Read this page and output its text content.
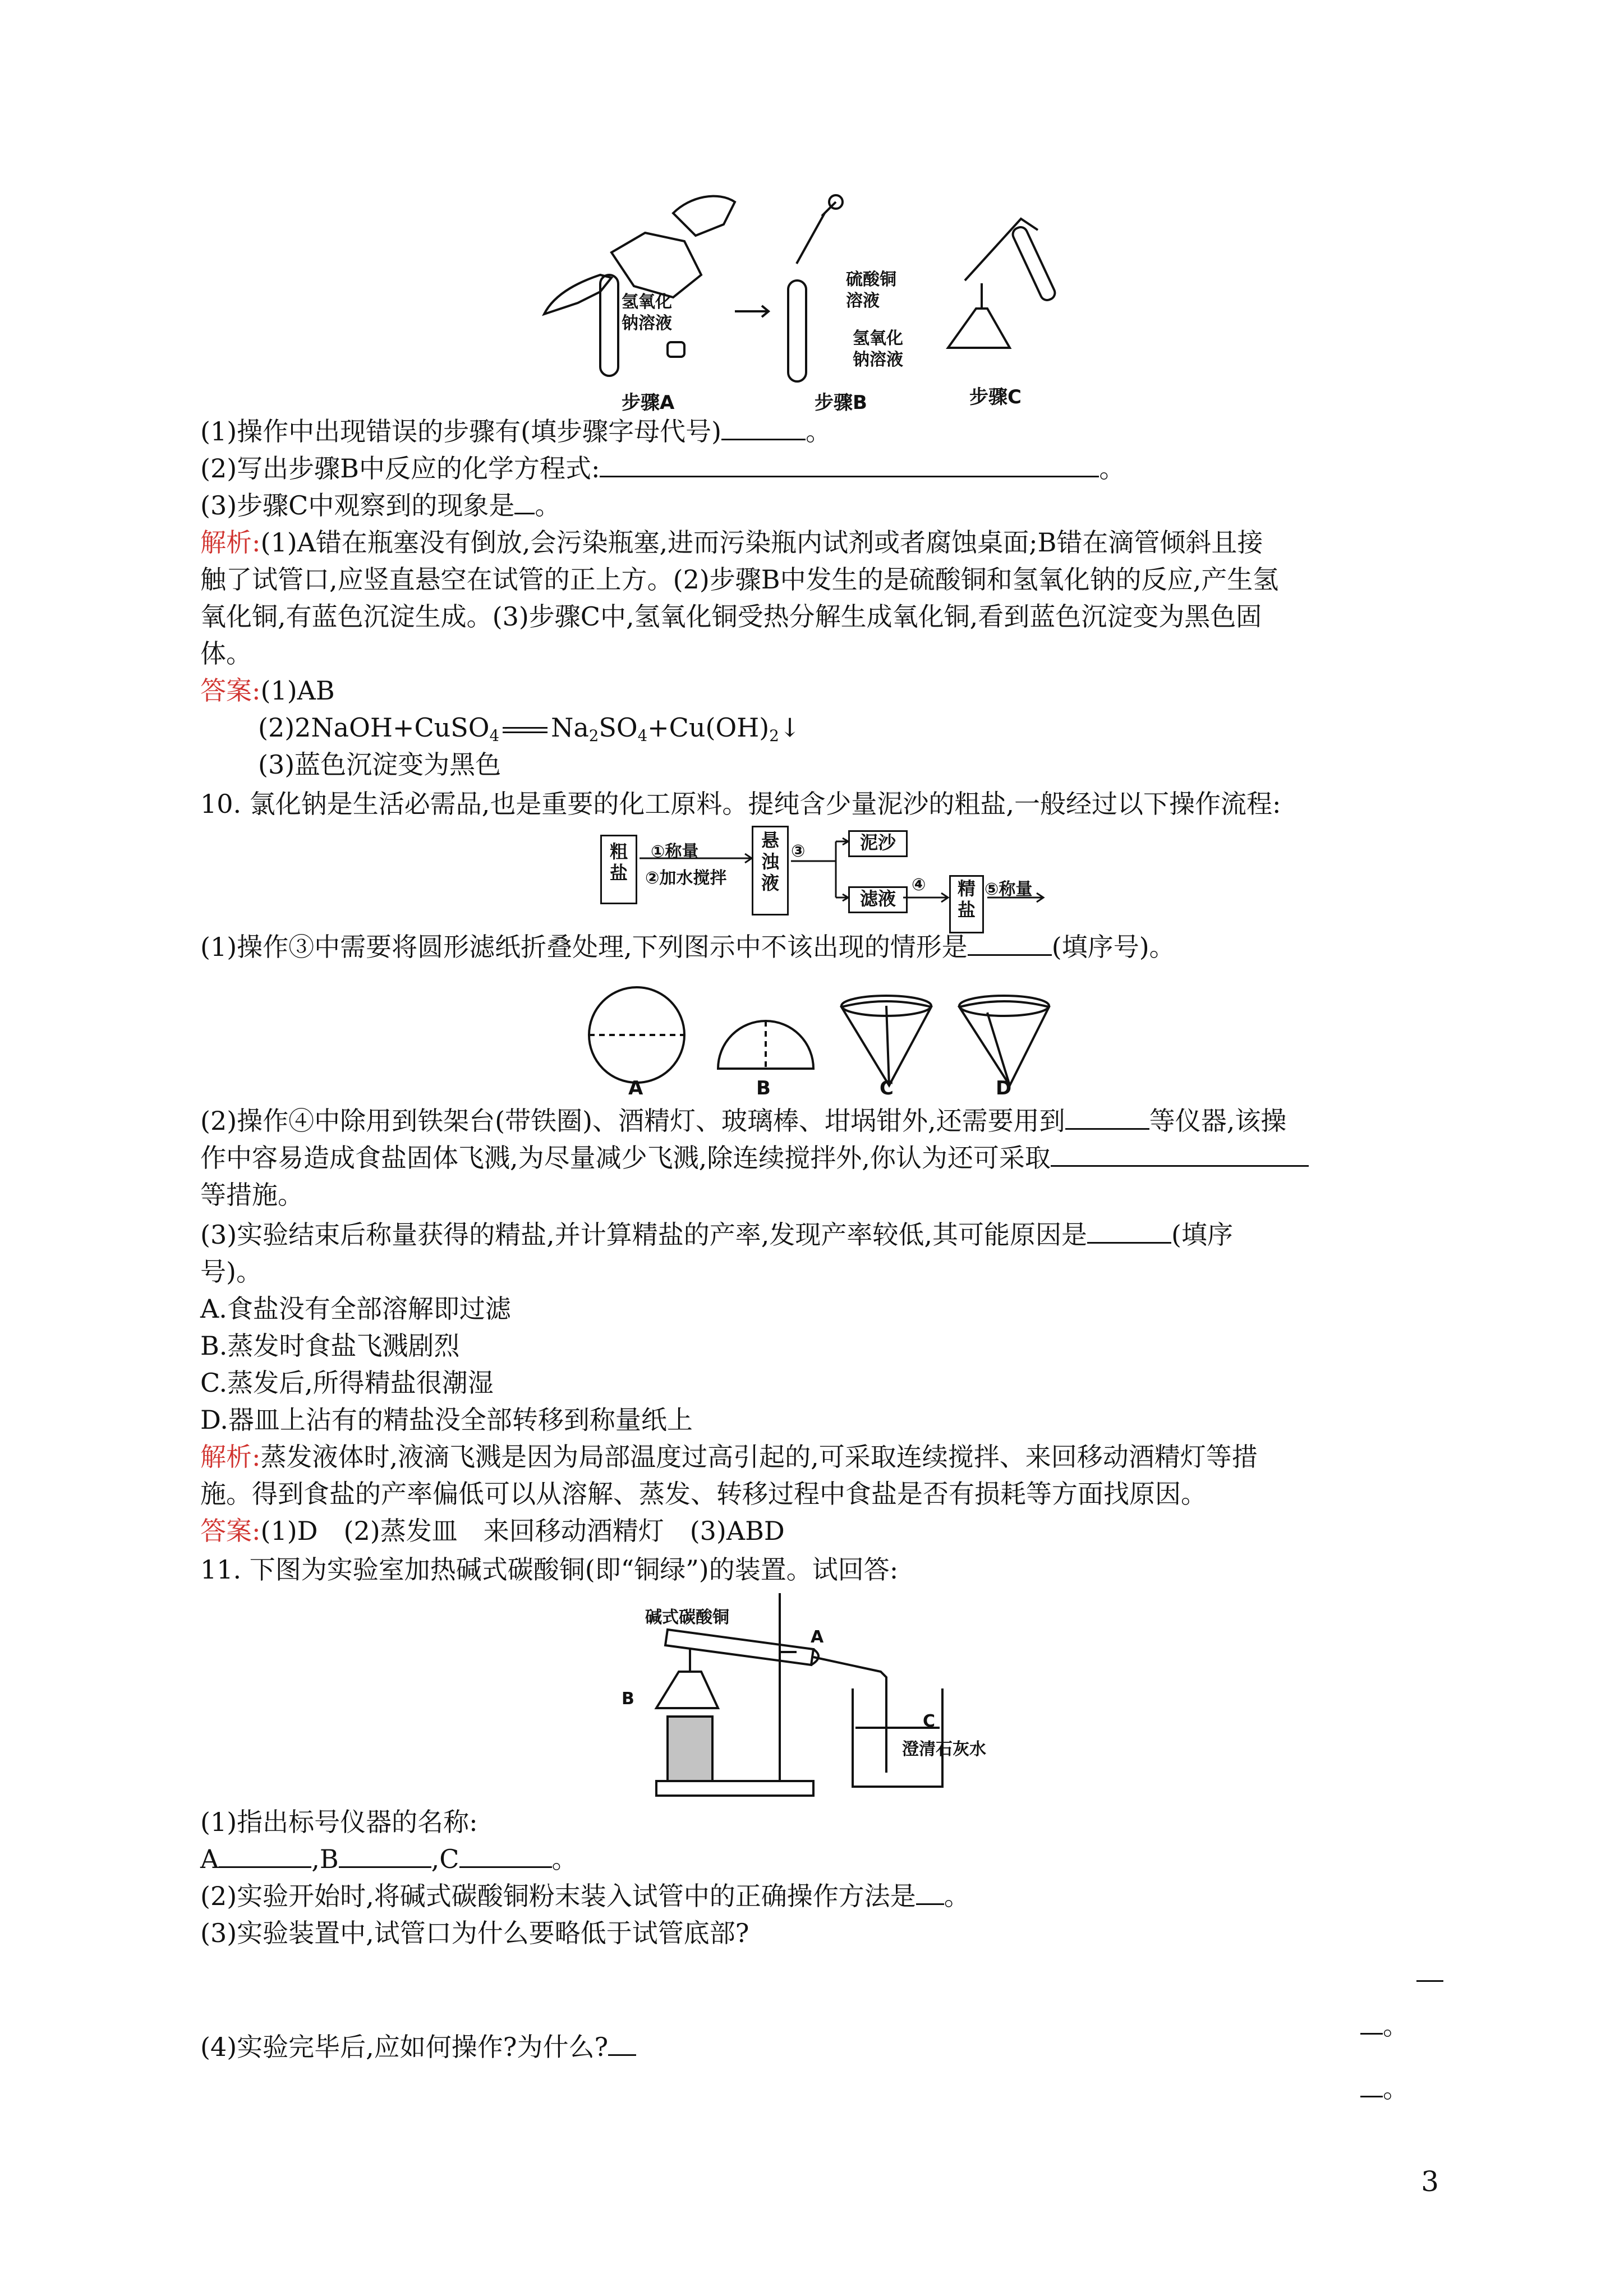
氢氧化
钠溶液
硫酸铜
溶液
氢氧化
钠溶液
步骤A	步骤B	步骤C
(1)操作中出现错误的步骤有(填步骤字母代号)	。
(2)写出步骤B中反应的化学方程式:	。
(3)步骤C中观察到的现象是 。
解析:(1)A错在瓶塞没有倒放,会污染瓶塞,进而污染瓶内试剂或者腐蚀桌面;B错在滴管倾斜且接
触了试管口,应竖直悬空在试管的正上方。(2)步骤B中发生的是硫酸铜和氢氧化钠的反应,产生氢
氧化铜,有蓝色沉淀生成。(3)步骤C中,氢氧化铜受热分解生成氧化铜,看到蓝色沉淀变为黑色固
体。
答案:(1)AB
(2)2NaOH+CuSO$_4$ $Na_2SO_4+Cu(OH)_2↓$
(3)蓝色沉淀变为黑色
10. 氯化钠是生活必需品,也是重要的化工原料。提纯含少量泥沙的粗盐,一般经过以下操作流程:
粗
盐
①称量
②加水搅拌
悬
浊
液
③	泥沙
滤液
④	精
盐
⑤称量
(1)操作③中需要将圆形滤纸折叠处理,下列图示中不该出现的情形是	(填序号)。
A	B	C	D
(2)操作④中除用到铁架台(带铁圈)、酒精灯、玻璃棒、坩埚钳外,还需要用到	等仪器,该操
作中容易造成食盐固体飞溅,为尽量减少飞溅,除连续搅拌外,你认为还可采取
等措施。
(3)实验结束后称量获得的精盐,并计算精盐的产率,发现产率较低,其可能原因是	(填序
号)。
A.食盐没有全部溶解即过滤
B.蒸发时食盐飞溅剧烈
C.蒸发后,所得精盐很潮湿
D.器皿上沾有的精盐没全部转移到称量纸上
解析:蒸发液体时,液滴飞溅是因为局部温度过高引起的,可采取连续搅拌、来回移动酒精灯等措
施。得到食盐的产率偏低可以从溶解、蒸发、转移过程中食盐是否有损耗等方面找原因。
答案:(1)D　(2)蒸发皿　来回移动酒精灯　(3)ABD
11. 下图为实验室加热碱式碳酸铜(即“铜绿”)的装置。试回答:
碱式碳酸铜
A
B
C
澄清石灰水
(1)指出标号仪器的名称:
A	,B	,C	。
(2)实验开始时,将碱式碳酸铜粉末装入试管中的正确操作方法是 。
(3)实验装置中,试管口为什么要略低于试管底部?
。
(4)实验完毕后,应如何操作?为什么?
。
3
